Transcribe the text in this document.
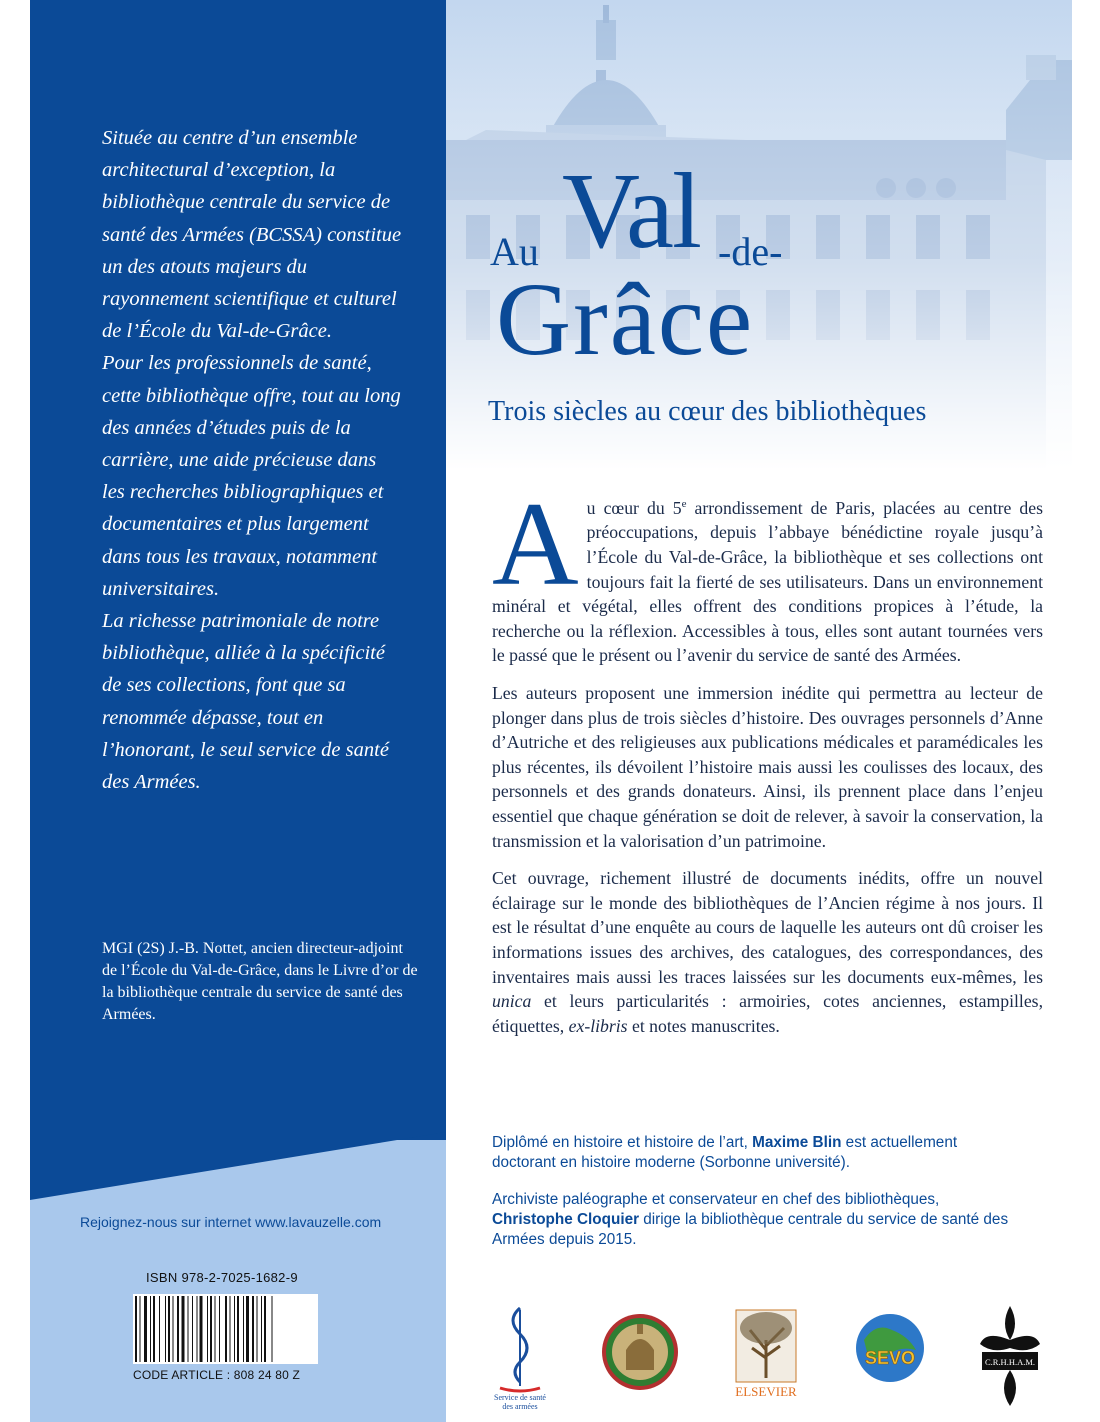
Située au centre d’un ensemble architectural d’exception, la bibliothèque centrale du service de santé des Armées (BCSSA) constitue un des atouts majeurs du rayonnement scientifique et culturel de l’École du Val-de-Grâce.

Pour les professionnels de santé, cette bibliothèque offre, tout au long des années d’études puis de la carrière, une aide précieuse dans les recherches bibliographiques et documentaires et plus largement dans tous les travaux, notamment universitaires.

La richesse patrimoniale de notre bibliothèque, alliée à la spécificité de ses collections, font que sa renommée dépasse, tout en l’honorant, le seul service de santé des Armées.

MGI (2S) J.-B. Nottet, ancien directeur-adjoint de l’École du Val-de-Grâce, dans le Livre d’or de la bibliothèque centrale du service de santé des Armées.

Rejoignez-nous sur internet www.lavauzelle.com
ISBN 978-2-7025-1682-9
CODE ARTICLE : 808 24 80 Z
Au Val -de-
Grâce
Trois siècles au cœur des bibliothèques

Au cœur du 5e arrondissement de Paris, placées au centre des préoccupations, depuis l’abbaye bénédictine royale jusqu’à l’École du Val-de-Grâce, la bibliothèque et ses collections ont toujours fait la fierté de ses utilisateurs. Dans un environnement minéral et végétal, elles offrent des conditions propices à l’étude, la recherche ou la réflexion. Accessibles à tous, elles sont autant tournées vers le passé que le présent ou l’avenir du service de santé des Armées.

Les auteurs proposent une immersion inédite qui permettra au lecteur de plonger dans plus de trois siècles d’histoire. Des ouvrages personnels d’Anne d’Autriche et des religieuses aux publications médicales et paramédicales les plus récentes, ils dévoilent l’histoire mais aussi les coulisses des locaux, des personnels et des grands donateurs. Ainsi, ils prennent place dans l’enjeu essentiel que chaque génération se doit de relever, à savoir la conservation, la transmission et la valorisation d’un patrimoine.

Cet ouvrage, richement illustré de documents inédits, offre un nouvel éclairage sur le monde des bibliothèques de l’Ancien régime à nos jours. Il est le résultat d’une enquête au cours de laquelle les auteurs ont dû croiser les informations issues des archives, des catalogues, des correspondances, des inventaires mais aussi les traces laissées sur les documents eux-mêmes, les unica et leurs particularités : armoiries, cotes anciennes, estampilles, étiquettes, ex-libris et notes manuscrites.

Diplômé en histoire et histoire de l’art, Maxime Blin est actuellement doctorant en histoire moderne (Sorbonne université).

Archiviste paléographe et conservateur en chef des bibliothèques, Christophe Cloquier dirige la bibliothèque centrale du service de santé des Armées depuis 2015.

Service de santé
des armées
ELSEVIER
SEVO	C.R.H.H.A.M.
